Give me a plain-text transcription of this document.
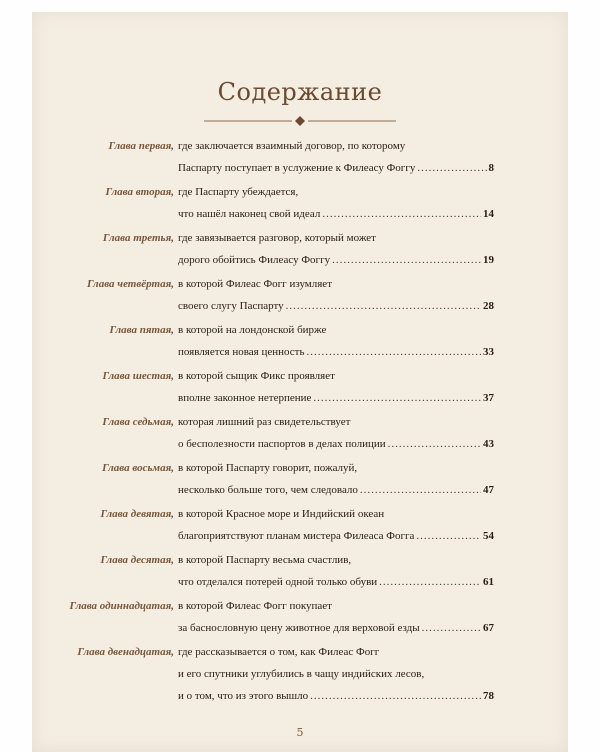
Содержание
Глава первая, где заключается взаимный договор, по которому
Паспарту поступает в услужение к Филеасу Фоггу .....	8
Глава вторая, где Паспарту убеждается,
что нашёл наконец свой идеал .....	14
Глава третья, где завязывается разговор, который может
дорого обойтись Филеасу Фоггу .....	19
Глава четвёртая, в которой Филеас Фогг изумляет
своего слугу Паспарту .....	28
Глава пятая, в которой на лондонской бирже
появляется новая ценность .....	33
Глава шестая, в которой сыщик Фикс проявляет
вполне законное нетерпение .....	37
Глава седьмая, которая лишний раз свидетельствует
о бесполезности паспортов в делах полиции .....	43
Глава восьмая, в которой Паспарту говорит, пожалуй,
несколько больше того, чем следовало .....	47
Глава девятая, в которой Красное море и Индийский океан
благоприятствуют планам мистера Филеаса Фогга .....	54
Глава десятая, в которой Паспарту весьма счастлив,
что отделался потерей одной только обуви .....	61
Глава одиннадцатая, в которой Филеас Фогг покупает
за баснословную цену животное для верховой езды .....	67
Глава двенадцатая, где рассказывается о том, как Филеас Фогг
и его спутники углубились в чащу индийских лесов,
и о том, что из этого вышло .....	78
5
